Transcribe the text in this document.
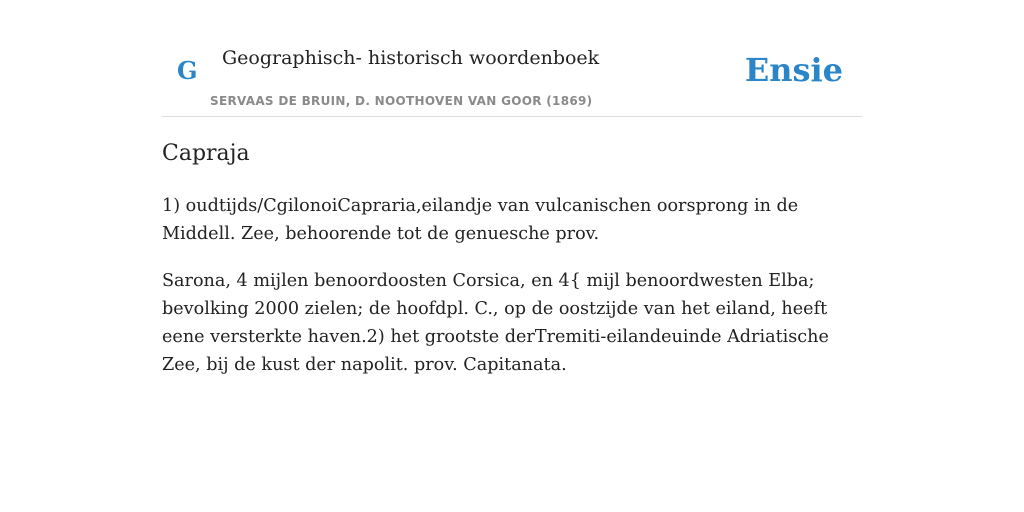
G Geographisch- historisch woordenboek
SERVAAS DE BRUIN, D. NOOTHOVEN VAN GOOR (1869)
Ensie
Capraja

1) oudtijds/CgilonoiCapraria,eilandje van vulcanischen oorsprong in de Middell. Zee, behoorende tot de genuesche prov.

Sarona, 4 mijlen benoordoosten Corsica, en 4{ mijl benoordwesten Elba; bevolking 2000 zielen; de hoofdpl. C., op de oostzijde van het eiland, heeft eene versterkte haven.2) het grootste derTremiti-eilandeuinde Adriatische Zee, bij de kust der napolit. prov. Capitanata.
